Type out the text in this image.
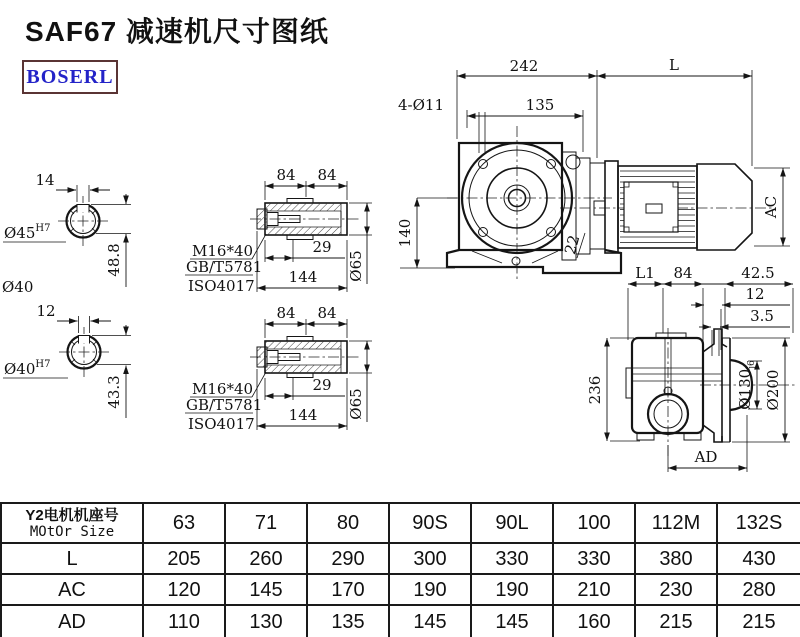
SAF67 减速机尺寸图纸
BOSERL
22
242	L
135
4-Ø11
140
AC
14
$Ø45^{H7}$
48.8
Ø40
12
$Ø40^{H7}$
43.3
84 84
29
144 Ø65
M16*40
GB/T5781
ISO4017
84 84
29
144 Ø65
M16*40
GB/T5781
ISO4017
236
L1 84	42.5
12
3.5
$Ø130_{j6}$
Ø200
AD
Y2电机机座号
MOtOr Size	63	71	80	90S	90L	100	112M	132S
L	205	260	290	300	330	330	380	430
AC	120	145	170	190	190	210	230	280
AD	110	130	135	145	145	160	215	215
